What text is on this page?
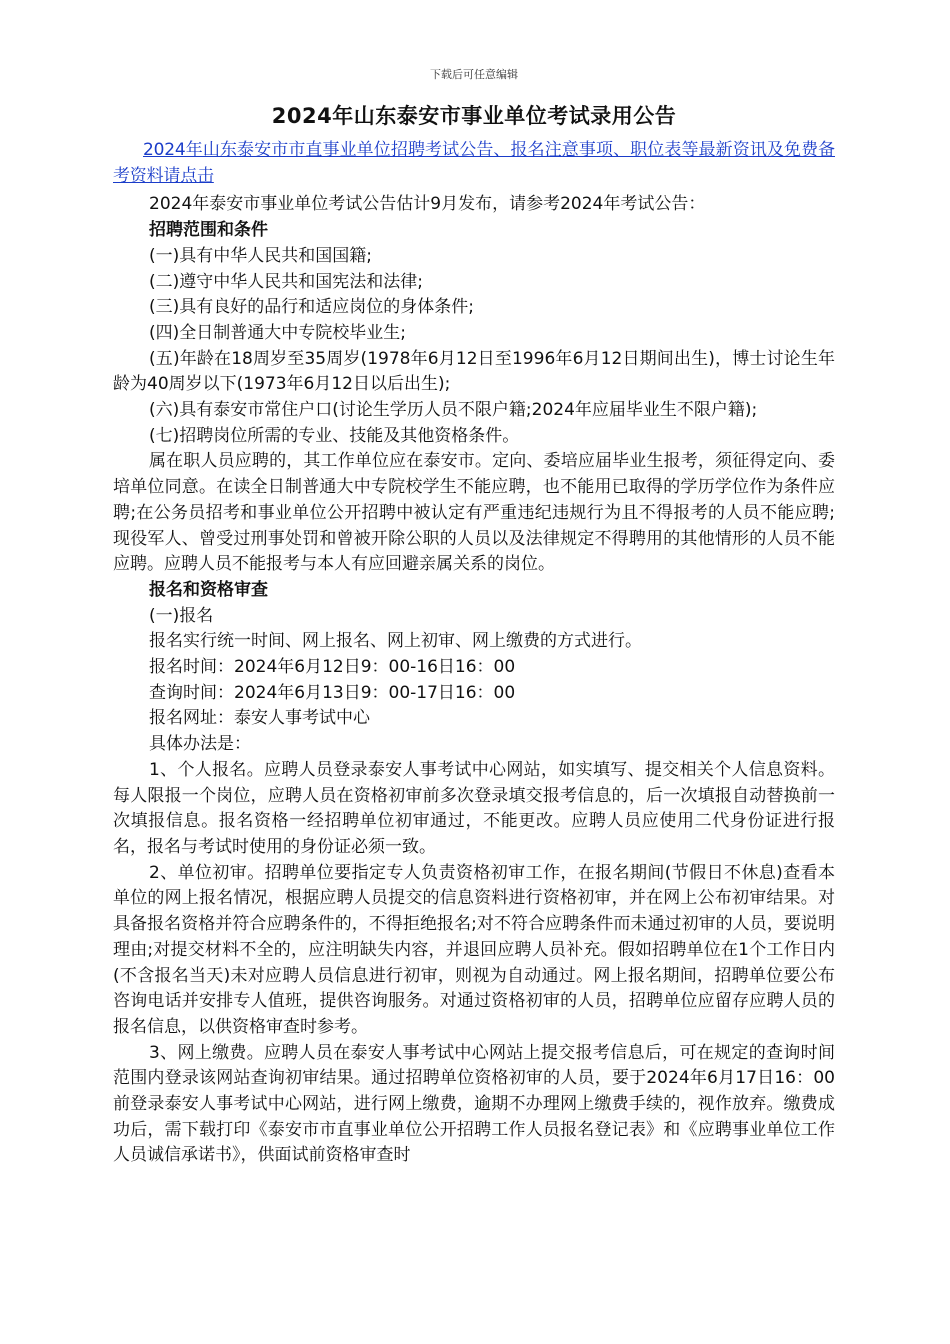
下载后可任意编辑
2024年山东泰安市事业单位考试录用公告

2024年山东泰安市市直事业单位招聘考试公告、报名注意事项、职位表等最新资讯及免费备考资料请点击

2024年泰安市事业单位考试公告估计9月发布，请参考2024年考试公告：

招聘范围和条件

(一)具有中华人民共和国国籍;

(二)遵守中华人民共和国宪法和法律;

(三)具有良好的品行和适应岗位的身体条件;

(四)全日制普通大中专院校毕业生;

(五)年龄在18周岁至35周岁(1978年6月12日至1996年6月12日期间出生)，博士讨论生年龄为40周岁以下(1973年6月12日以后出生);

(六)具有泰安市常住户口(讨论生学历人员不限户籍;2024年应届毕业生不限户籍);

(七)招聘岗位所需的专业、技能及其他资格条件。

属在职人员应聘的，其工作单位应在泰安市。定向、委培应届毕业生报考，须征得定向、委培单位同意。在读全日制普通大中专院校学生不能应聘，也不能用已取得的学历学位作为条件应聘;在公务员招考和事业单位公开招聘中被认定有严重违纪违规行为且不得报考的人员不能应聘;现役军人、曾受过刑事处罚和曾被开除公职的人员以及法律规定不得聘用的其他情形的人员不能应聘。应聘人员不能报考与本人有应回避亲属关系的岗位。

报名和资格审查

(一)报名

报名实行统一时间、网上报名、网上初审、网上缴费的方式进行。

报名时间：2024年6月12日9：00-16日16：00

查询时间：2024年6月13日9：00-17日16：00

报名网址：泰安人事考试中心

具体办法是：

1、个人报名。应聘人员登录泰安人事考试中心网站，如实填写、提交相关个人信息资料。每人限报一个岗位，应聘人员在资格初审前多次登录填交报考信息的，后一次填报自动替换前一次填报信息。报名资格一经招聘单位初审通过，不能更改。应聘人员应使用二代身份证进行报名，报名与考试时使用的身份证必须一致。

2、单位初审。招聘单位要指定专人负责资格初审工作，在报名期间(节假日不休息)查看本单位的网上报名情况，根据应聘人员提交的信息资料进行资格初审，并在网上公布初审结果。对具备报名资格并符合应聘条件的，不得拒绝报名;对不符合应聘条件而未通过初审的人员，要说明理由;对提交材料不全的，应注明缺失内容，并退回应聘人员补充。假如招聘单位在1个工作日内(不含报名当天)未对应聘人员信息进行初审，则视为自动通过。网上报名期间，招聘单位要公布咨询电话并安排专人值班，提供咨询服务。对通过资格初审的人员，招聘单位应留存应聘人员的报名信息，以供资格审查时参考。

3、网上缴费。应聘人员在泰安人事考试中心网站上提交报考信息后，可在规定的查询时间范围内登录该网站查询初审结果。通过招聘单位资格初审的人员，要于2024年6月17日16：00前登录泰安人事考试中心网站，进行网上缴费，逾期不办理网上缴费手续的，视作放弃。缴费成功后，需下载打印《泰安市市直事业单位公开招聘工作人员报名登记表》和《应聘事业单位工作人员诚信承诺书》，供面试前资格审查时
